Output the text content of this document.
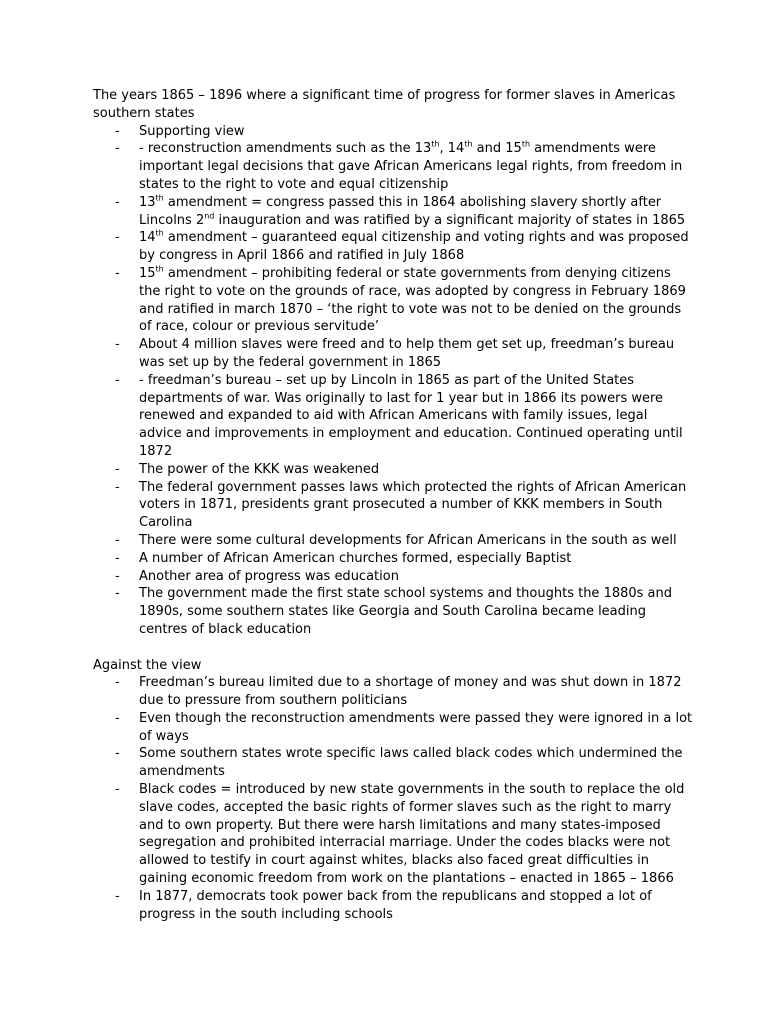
The years 1865 – 1896 where a significant time of progress for former slaves in Americas southern states

- Supporting view
- - reconstruction amendments such as the 13th, 14th and 15th amendments were important legal decisions that gave African Americans legal rights, from freedom in states to the right to vote and equal citizenship
- 13th amendment = congress passed this in 1864 abolishing slavery shortly after Lincolns 2nd inauguration and was ratified by a significant majority of states in 1865
- 14th amendment – guaranteed equal citizenship and voting rights and was proposed by congress in April 1866 and ratified in July 1868
- 15th amendment – prohibiting federal or state governments from denying citizens the right to vote on the grounds of race, was adopted by congress in February 1869 and ratified in march 1870 – ‘the right to vote was not to be denied on the grounds of race, colour or previous servitude’
- About 4 million slaves were freed and to help them get set up, freedman’s bureau was set up by the federal government in 1865
- - freedman’s bureau – set up by Lincoln in 1865 as part of the United States departments of war. Was originally to last for 1 year but in 1866 its powers were renewed and expanded to aid with African Americans with family issues, legal advice and improvements in employment and education. Continued operating until 1872
- The power of the KKK was weakened
- The federal government passes laws which protected the rights of African American voters in 1871, presidents grant prosecuted a number of KKK members in South Carolina
- There were some cultural developments for African Americans in the south as well
- A number of African American churches formed, especially Baptist
- Another area of progress was education
- The government made the first state school systems and thoughts the 1880s and 1890s, some southern states like Georgia and South Carolina became leading centres of black education

Against the view

- Freedman’s bureau limited due to a shortage of money and was shut down in 1872 due to pressure from southern politicians
- Even though the reconstruction amendments were passed they were ignored in a lot of ways
- Some southern states wrote specific laws called black codes which undermined the amendments
- Black codes = introduced by new state governments in the south to replace the old slave codes, accepted the basic rights of former slaves such as the right to marry and to own property. But there were harsh limitations and many states-imposed segregation and prohibited interracial marriage. Under the codes blacks were not allowed to testify in court against whites, blacks also faced great difficulties in gaining economic freedom from work on the plantations – enacted in 1865 – 1866
- In 1877, democrats took power back from the republicans and stopped a lot of progress in the south including schools
